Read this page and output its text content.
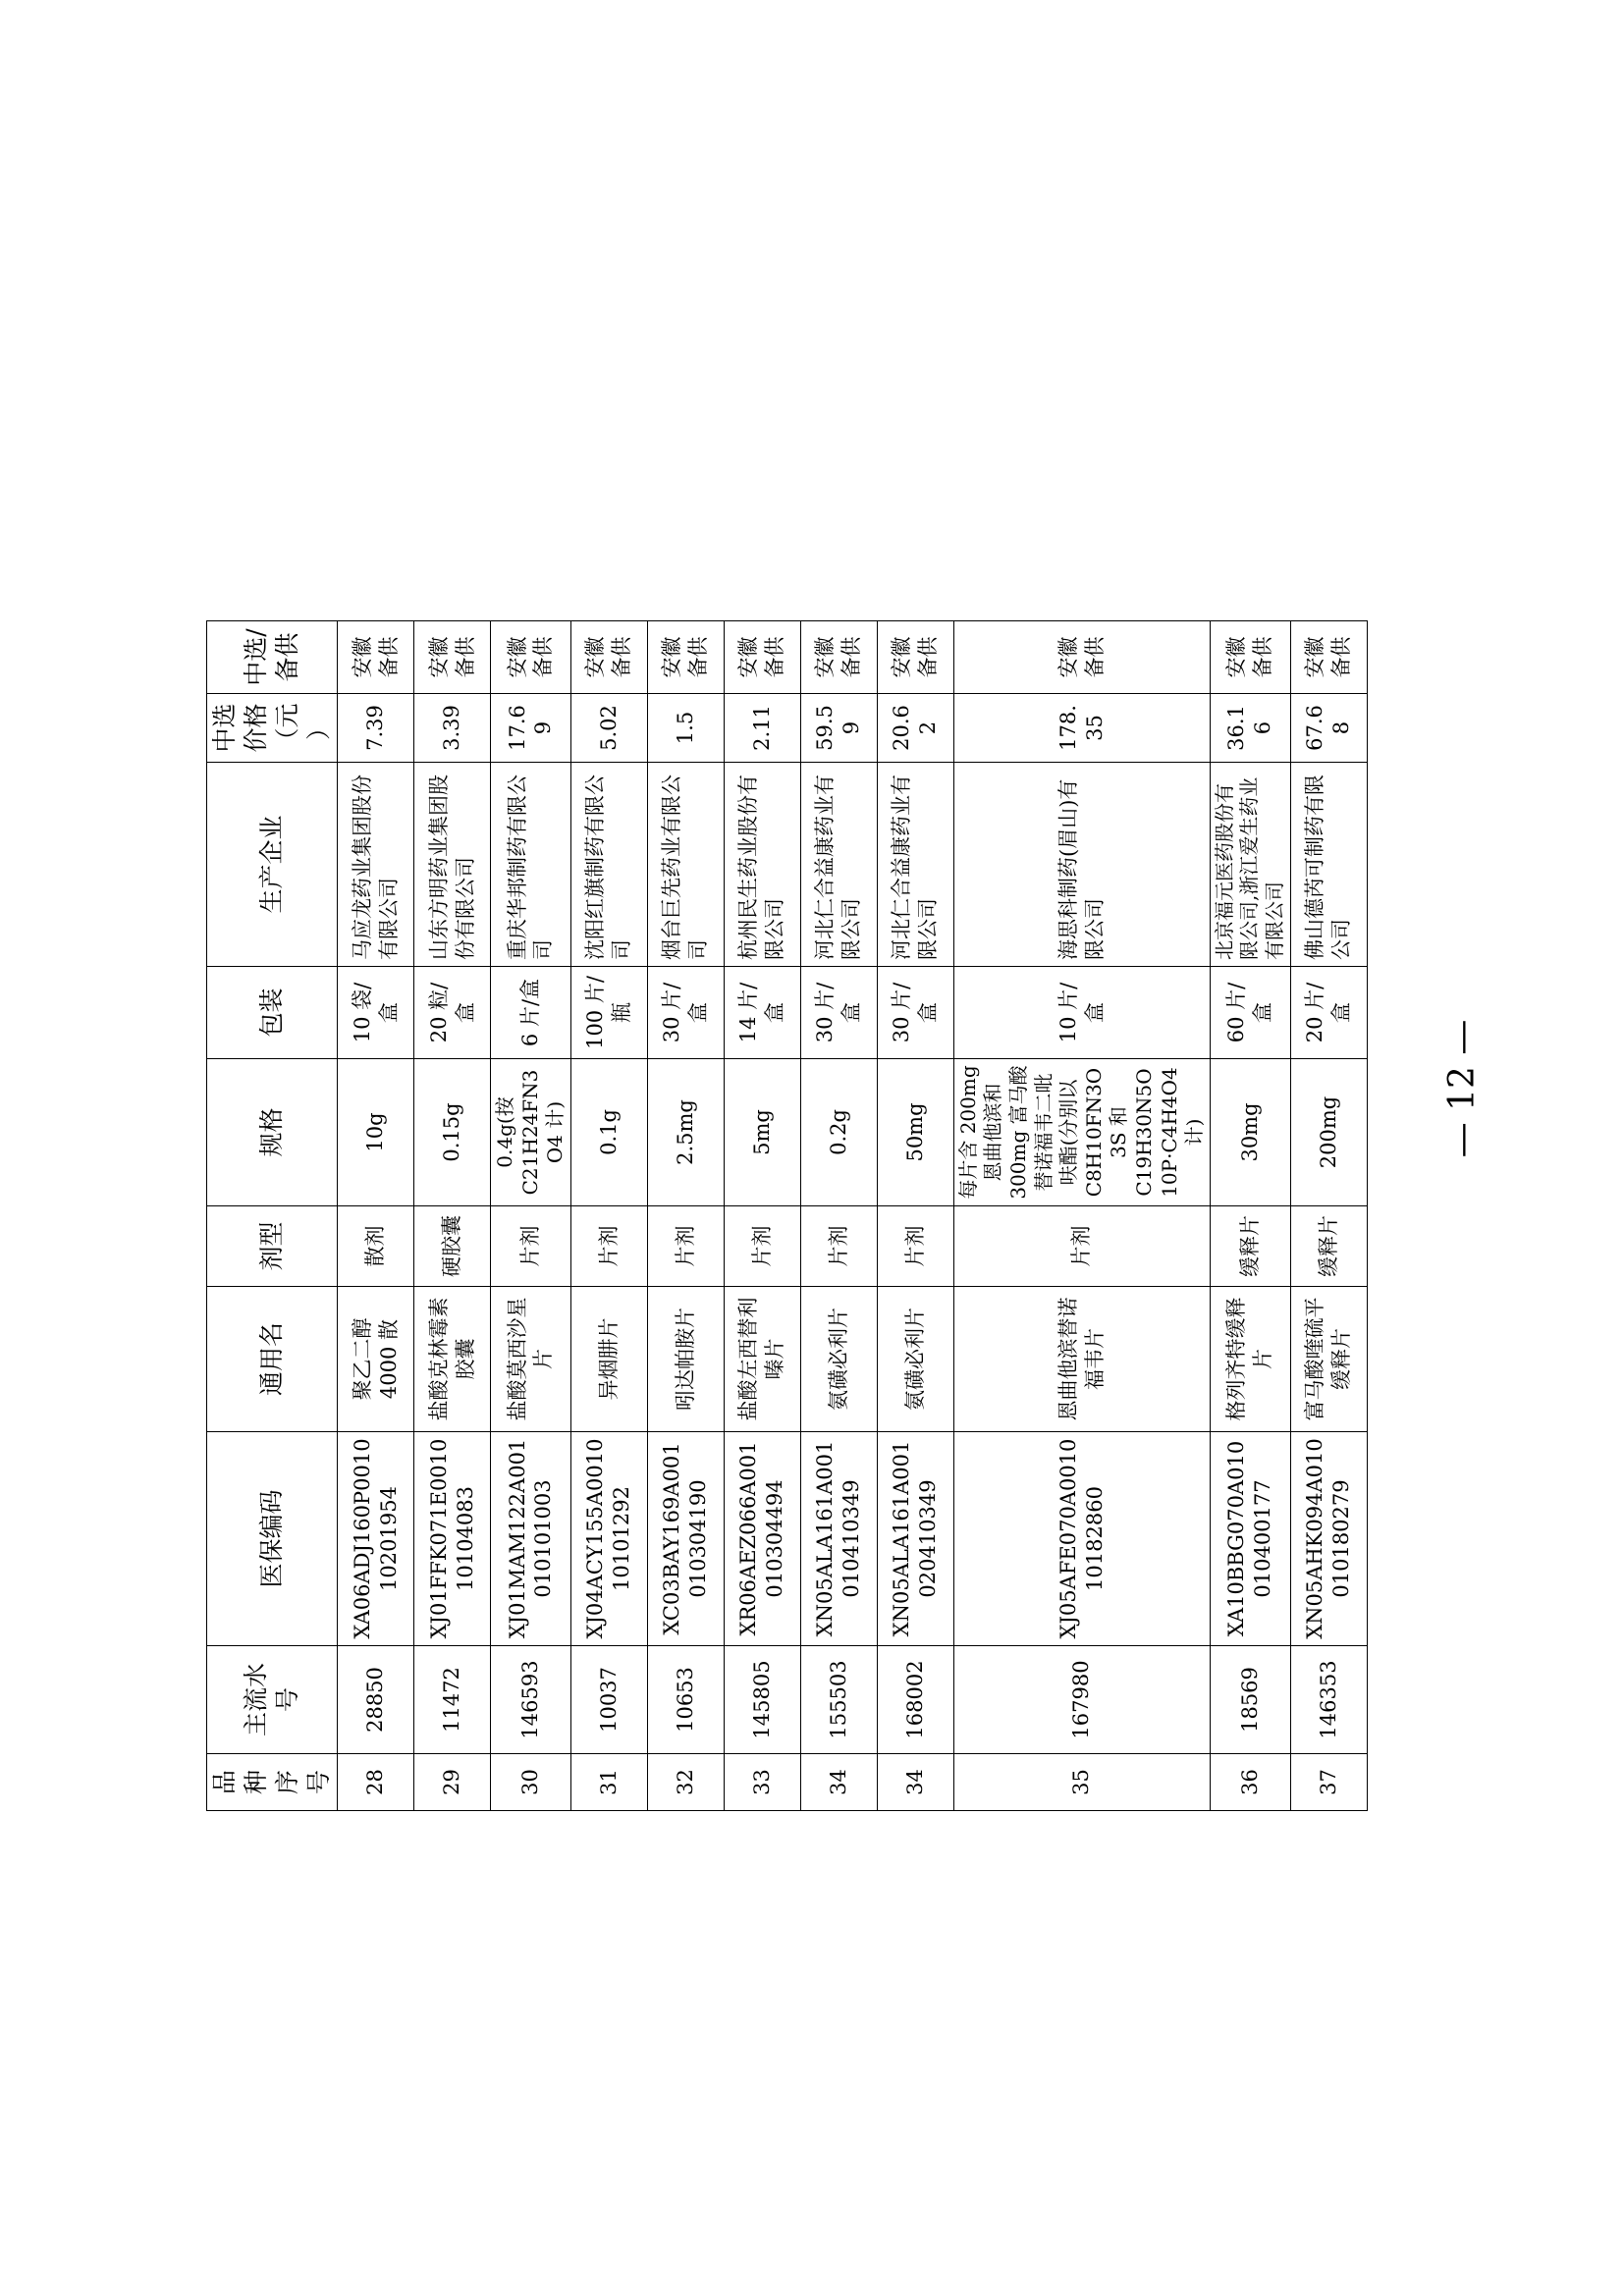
品种序号	主流水号	医保编码	通用名	剂型	规格	包装	生产企业	中选价格（元）	中选/备供
28	28850	XA06ADJ160P001010201954	聚乙二醇 4000 散	散剂	10g	10 袋/盒	马应龙药业集团股份有限公司	7.39	安徽备供
29	11472	XJ01FFK071E001010104083	盐酸克林霉素胶囊	硬胶囊	0.15g	20 粒/盒	山东方明药业集团股份有限公司	3.39	安徽备供
30	146593	XJ01MAM122A001010101003	盐酸莫西沙星片	片剂	0.4g(按 C21H24FN3O4 计)	6 片/盒	重庆华邦制药有限公司	17.69	安徽备供
31	10037	XJ04ACY155A001010101292	异烟肼片	片剂	0.1g	100 片/瓶	沈阳红旗制药有限公司	5.02	安徽备供
32	10653	XC03BAY169A001010304190	吲达帕胺片	片剂	2.5mg	30 片/盒	烟台巨先药业有限公司	1.5	安徽备供
33	145805	XR06AEZ066A001010304494	盐酸左西替利嗪片	片剂	5mg	14 片/盒	杭州民生药业股份有限公司	2.11	安徽备供
34	155503	XN05ALA161A001010410349	氨磺必利片	片剂	0.2g	30 片/盒	河北仁合益康药业有限公司	59.59	安徽备供
34	168002	XN05ALA161A001020410349	氨磺必利片	片剂	50mg	30 片/盒	河北仁合益康药业有限公司	20.62	安徽备供
35	167980	XJ05AFE070A001010182860	恩曲他滨替诺福韦片	片剂	每片含 200mg 恩曲他滨和 300mg 富马酸替诺福韦二吡呋酯(分别以 C8H10FN3O3S 和 C19H30N5O10P·C4H4O4 计)	10 片/盒	海思科制药(眉山)有限公司	178.35	安徽备供
36	18569	XA10BBG070A010010400177	格列齐特缓释片	缓释片	30mg	60 片/盒	北京福元医药股份有限公司,浙江爱生药业有限公司	36.16	安徽备供
37	146353	XN05AHK094A010010180279	富马酸喹硫平缓释片	缓释片	200mg	20 片/盒	佛山德芮可制药有限公司	67.68	安徽备供
— 12 —
